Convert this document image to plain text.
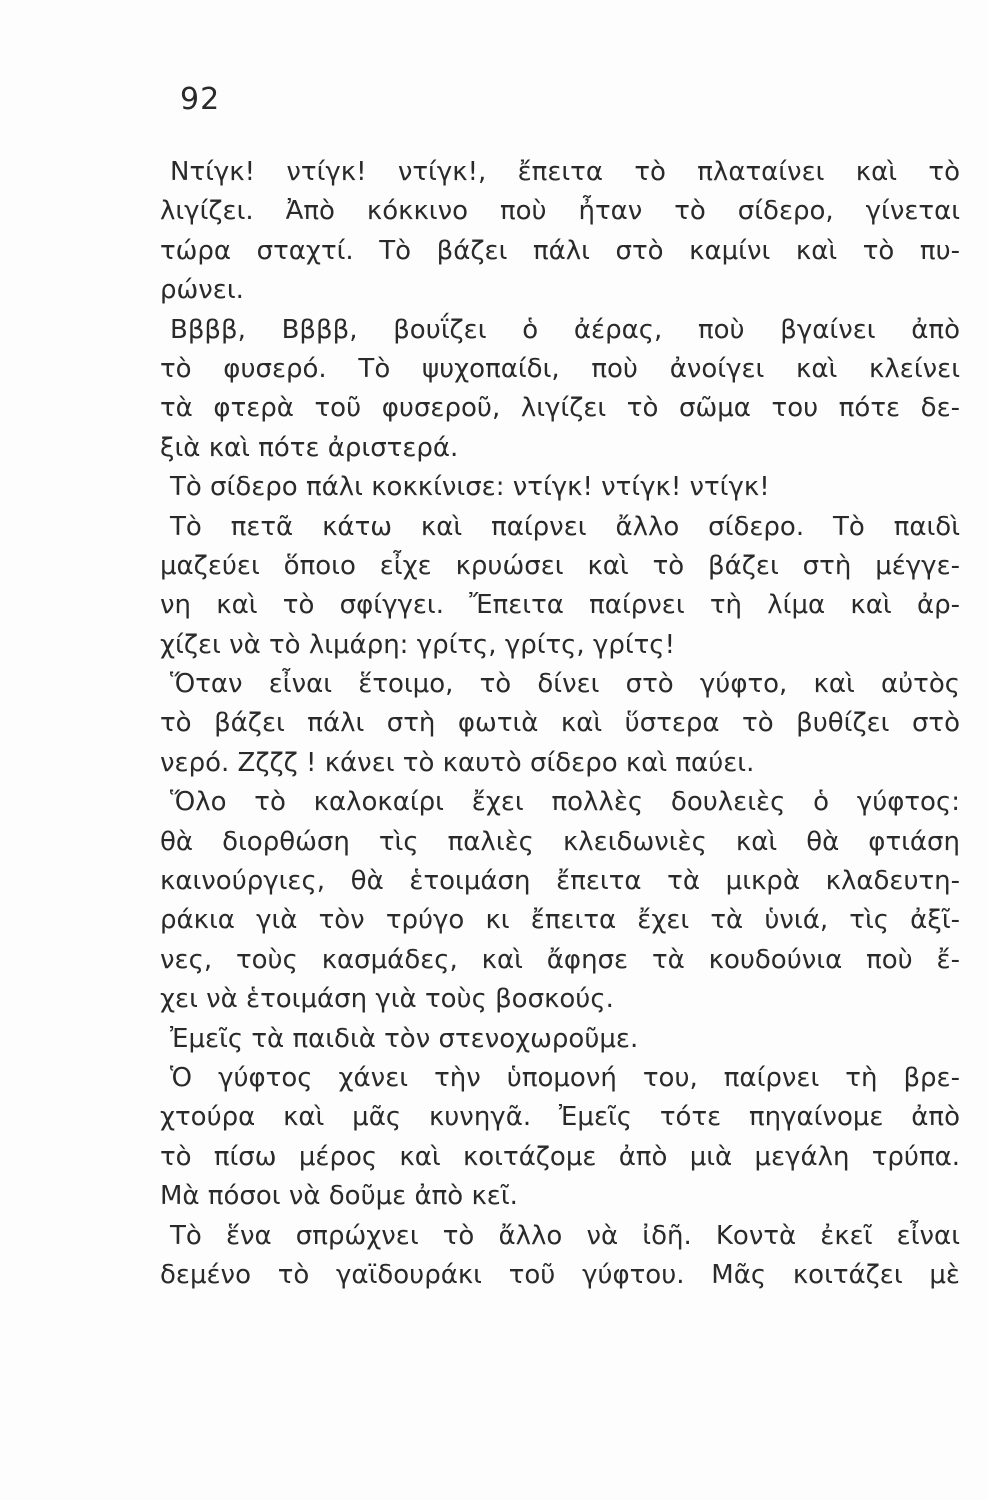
92
Ντίγκ! ντίγκ! ντίγκ!, ἔπειτα τὸ πλαταίνει καὶ τὸ
λιγίζει. Ἀπὸ κόκκινο ποὺ ἦταν τὸ σίδερο, γίνεται
τώρα σταχτί. Τὸ βάζει πάλι στὸ καμίνι καὶ τὸ πυ-
ρώνει.
Ββββ, Ββββ, βουΐζει ὁ ἀέρας, ποὺ βγαίνει ἀπὸ
τὸ φυσερό. Τὸ ψυχοπαίδι, ποὺ ἀνοίγει καὶ κλείνει
τὰ φτερὰ τοῦ φυσεροῦ, λιγίζει τὸ σῶμα του πότε δε-
ξιὰ καὶ πότε ἀριστερά.
Τὸ σίδερο πάλι κοκκίνισε: ντίγκ! ντίγκ! ντίγκ!
Τὸ πετᾶ κάτω καὶ παίρνει ἄλλο σίδερο. Τὸ παιδὶ
μαζεύει ὅποιο εἶχε κρυώσει καὶ τὸ βάζει στὴ μέγγε-
νη καὶ τὸ σφίγγει. Ἔπειτα παίρνει τὴ λίμα καὶ ἀρ-
χίζει νὰ τὸ λιμάρη: γρίτς, γρίτς, γρίτς!
Ὅταν εἶναι ἕτοιμο, τὸ δίνει στὸ γύφτο, καὶ αὐτὸς
τὸ βάζει πάλι στὴ φωτιὰ καὶ ὕστερα τὸ βυθίζει στὸ
νερό. Ζζζζ ! κάνει τὸ καυτὸ σίδερο καὶ παύει.
Ὅλο τὸ καλοκαίρι ἔχει πολλὲς δουλειὲς ὁ γύφτος:
θὰ διορθώση τὶς παλιὲς κλειδωνιὲς καὶ θὰ φτιάση
καινούργιες, θὰ ἑτοιμάση ἔπειτα τὰ μικρὰ κλαδευτη-
ράκια γιὰ τὸν τρύγο κι ἔπειτα ἔχει τὰ ὑνιά, τὶς ἀξῖ-
νες, τοὺς κασμάδες, καὶ ἄφησε τὰ κουδούνια ποὺ ἔ-
χει νὰ ἑτοιμάση γιὰ τοὺς βοσκούς.
Ἐμεῖς τὰ παιδιὰ τὸν στενοχωροῦμε.
Ὁ γύφτος χάνει τὴν ὑπομονή του, παίρνει τὴ βρε-
χτούρα καὶ μᾶς κυνηγᾶ. Ἐμεῖς τότε πηγαίνομε ἀπὸ
τὸ πίσω μέρος καὶ κοιτάζομε ἀπὸ μιὰ μεγάλη τρύπα.
Μὰ πόσοι νὰ δοῦμε ἀπὸ κεῖ.
Τὸ ἕνα σπρώχνει τὸ ἄλλο νὰ ἰδῆ. Κοντὰ ἐκεῖ εἶναι
δεμένο τὸ γαϊδουράκι τοῦ γύφτου. Μᾶς κοιτάζει μὲ
